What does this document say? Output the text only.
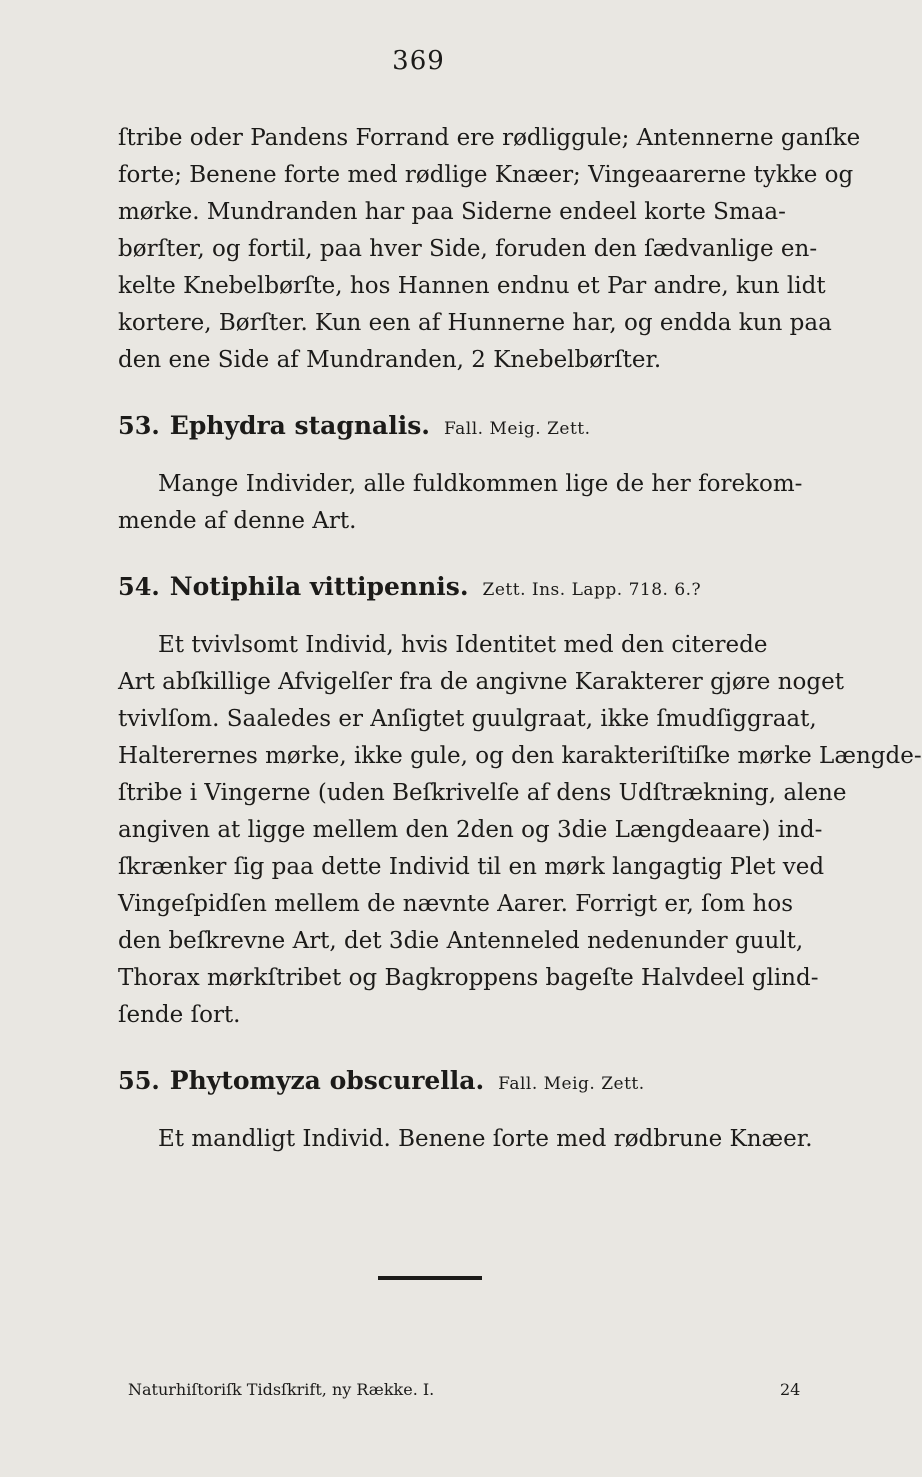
369
ſtribe oder Pandens Forrand ere rødliggule; Antennerne ganſke
forte; Benene forte med rødlige Knæer; Vingeaarerne tykke og
mørke. Mundranden har paa Siderne endeel korte Smaa-
børſter, og fortil, paa hver Side, foruden den ſædvanlige en-
kelte Knebelbørſte, hos Hannen endnu et Par andre, kun lidt
kortere, Børſter. Kun een af Hunnerne har, og endda kun paa
den ene Side af Mundranden, 2 Knebelbørſter.
53. Ephydra stagnalis. Fall. Meig. Zett.
Mange Individer, alle fuldkommen lige de her forekom-
mende af denne Art.
54. Notiphila vittipennis. Zett. Ins. Lapp. 718. 6.?
Et tvivlsomt Individ, hvis Identitet med den citerede
Art abſkillige Afvigelſer fra de angivne Karakterer gjøre noget
tvivlſom. Saaledes er Anſigtet guulgraat, ikke ſmudſiggraat,
Halterernes mørke, ikke gule, og den karakteriſtiſke mørke Længde-
ſtribe i Vingerne (uden Beſkrivelſe af dens Udſtrækning, alene
angiven at ligge mellem den 2den og 3die Længdeaare) ind-
ſkrænker ſig paa dette Individ til en mørk langagtig Plet ved
Vingeſpidſen mellem de nævnte Aarer. Forrigt er, ſom hos
den beſkrevne Art, det 3die Antenneled nedenunder guult,
Thorax mørkſtribet og Bagkroppens bageſte Halvdeel glind-
ſende ſort.
55. Phytomyza obscurella. Fall. Meig. Zett.
Et mandligt Individ. Benene ſorte med rødbrune Knæer.
Naturhiſtoriſk Tidsſkrift, ny Række. I.	24
